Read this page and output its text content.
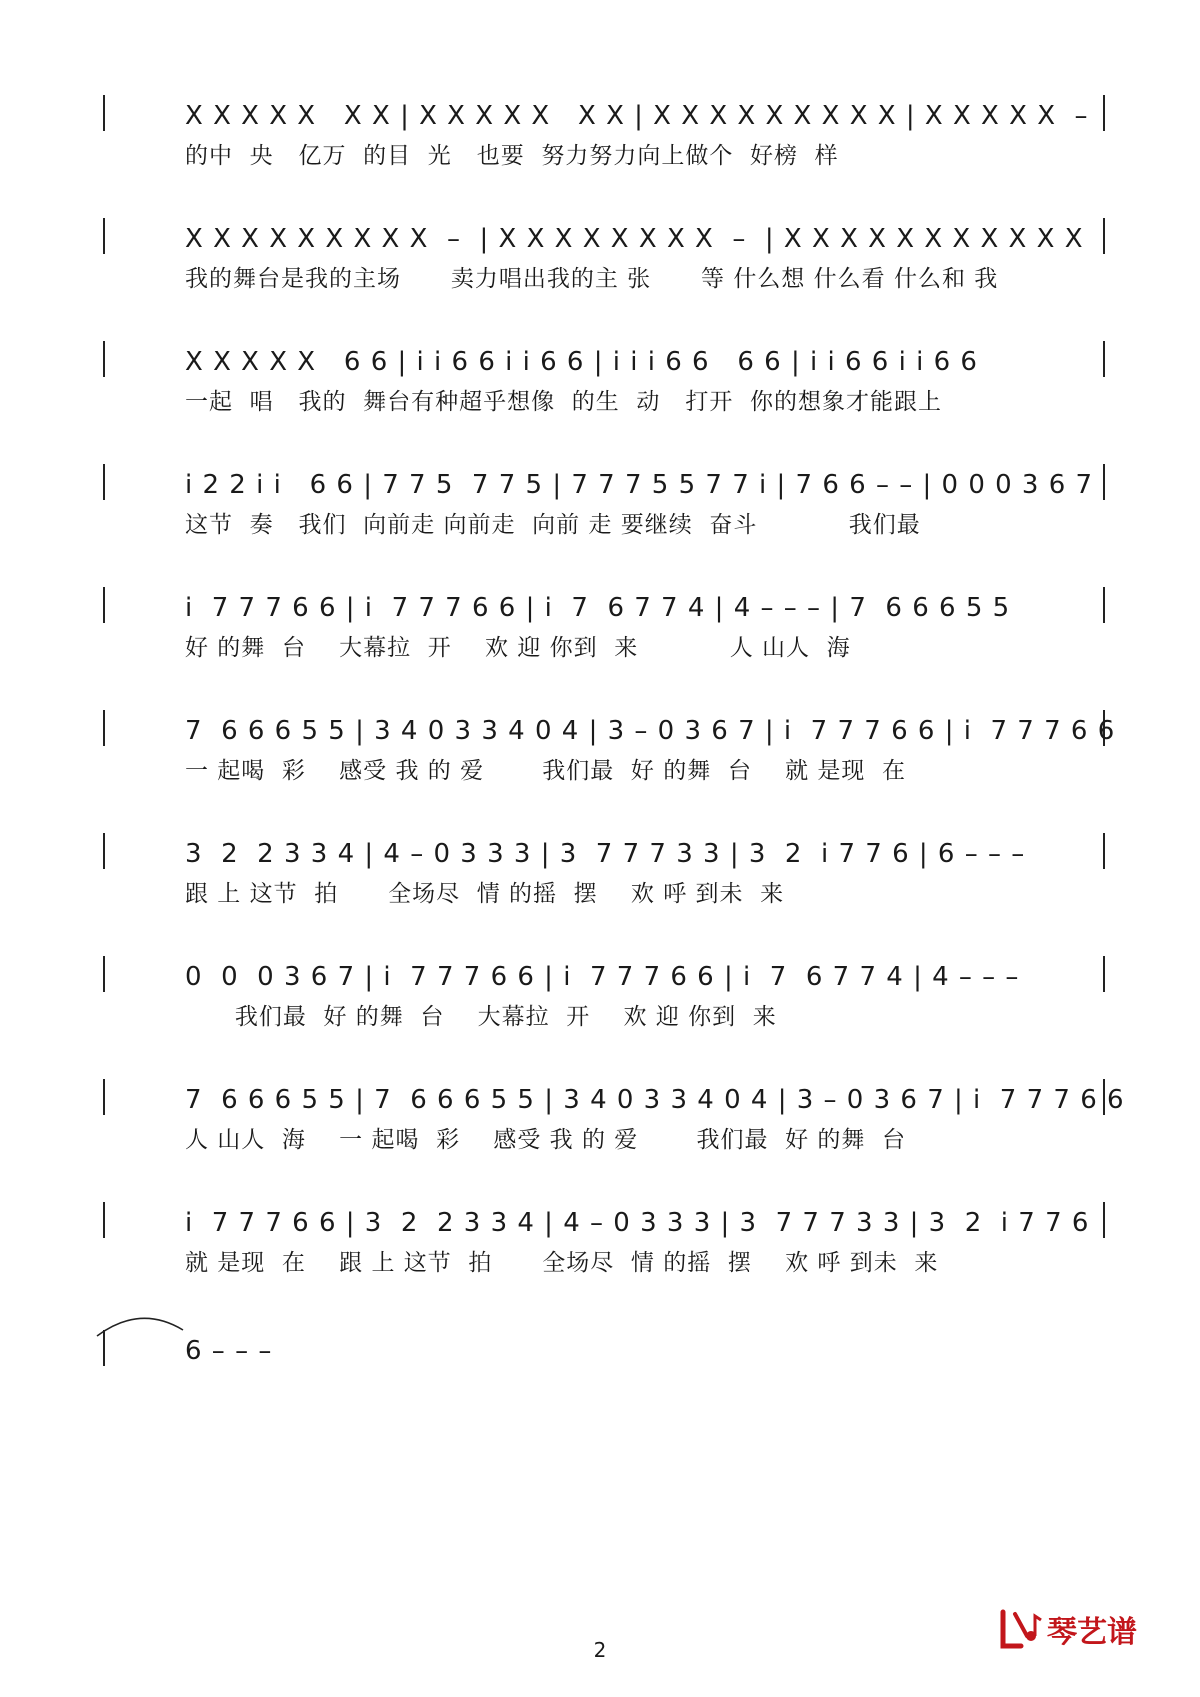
X X X X X   X X | X X X X X   X X | X X X X X X X X X | X X X X X  –
的中  央   亿万  的目  光   也要  努力努力向上做个  好榜  样
X X X X X X X X X  –  | X X X X X X X X  –  | X X X X X X X X X X X
我的舞台是我的主场      卖力唱出我的主 张      等 什么想 什么看 什么和 我
X X X X X   6 6 | i i 6 6 i i 6 6 | i i i 6 6   6 6 | i i 6 6 i i 6 6
一起  唱   我的  舞台有种超乎想像  的生  动   打开  你的想象才能跟上
i 2 2 i i   6 6 | 7 7 5  7 7 5 | 7 7 7 5 5 7 7 i | 7 6 6 – – | 0 0 0 3 6 7
这节  奏   我们  向前走 向前走  向前 走 要继续  奋斗           我们最
i  7 7 7 6 6 | i  7 7 7 6 6 | i  7  6 7 7 4 | 4 – – – | 7  6 6 6 5 5
好 的舞  台    大幕拉  开    欢 迎 你到  来           人 山人  海
7  6 6 6 5 5 | 3 4 0 3 3 4 0 4 | 3 – 0 3 6 7 | i  7 7 7 6 6 | i  7 7 7 6 6
一 起喝  彩    感受 我 的 爱       我们最  好 的舞  台    就 是现  在
3  2  2 3 3 4 | 4 – 0 3 3 3 | 3  7 7 7 3 3 | 3  2  i 7 7 6 | 6 – – –
跟 上 这节  拍      全场尽  情 的摇  摆    欢 呼 到未  来
0  0  0 3 6 7 | i  7 7 7 6 6 | i  7 7 7 6 6 | i  7  6 7 7 4 | 4 – – –
我们最  好 的舞  台    大幕拉  开    欢 迎 你到  来
7  6 6 6 5 5 | 7  6 6 6 5 5 | 3 4 0 3 3 4 0 4 | 3 – 0 3 6 7 | i  7 7 7 6 6
人 山人  海    一 起喝  彩    感受 我 的 爱       我们最  好 的舞  台
i  7 7 7 6 6 | 3  2  2 3 3 4 | 4 – 0 3 3 3 | 3  7 7 7 3 3 | 3  2  i 7 7 6
就 是现  在    跟 上 这节  拍      全场尽  情 的摇  摆    欢 呼 到未  来
6 – – –
2	琴艺谱
